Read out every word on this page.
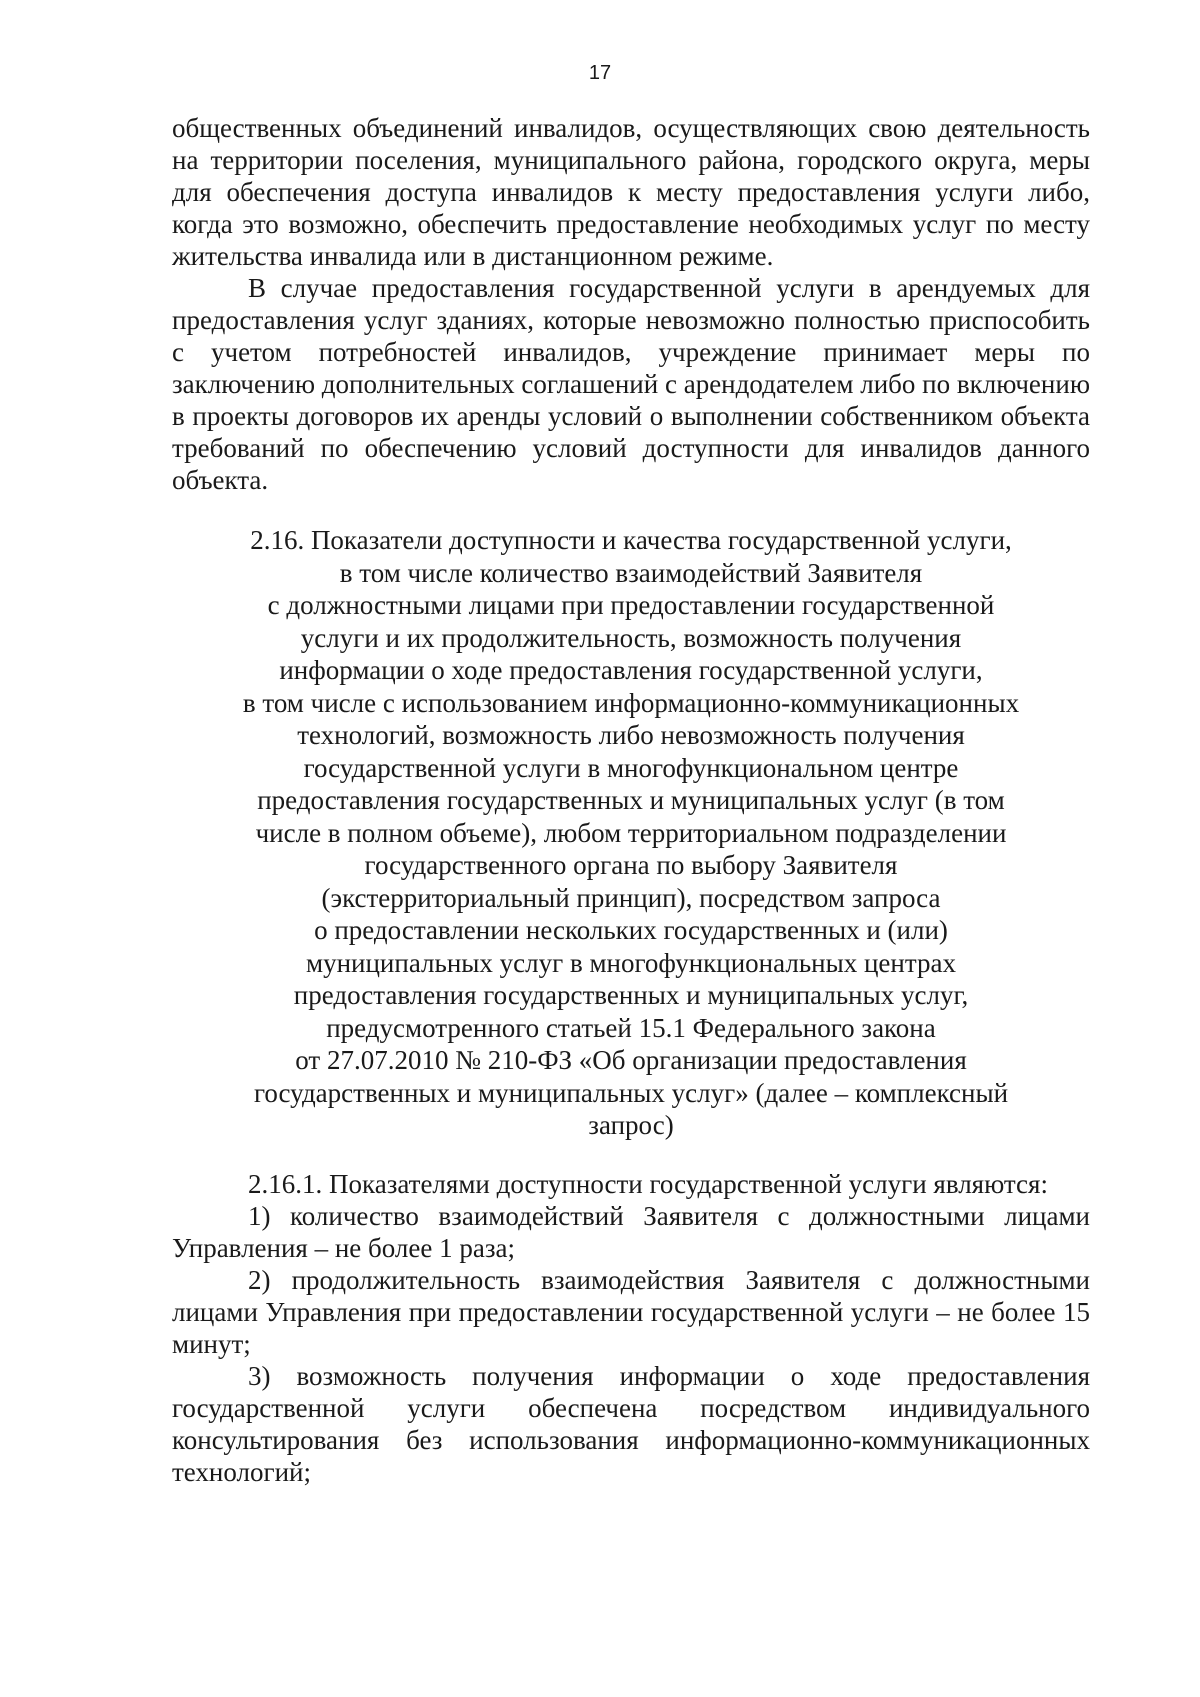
17

общественных объединений инвалидов, осуществляющих свою деятельность на территории поселения, муниципального района, городского округа, меры для обеспечения доступа инвалидов к месту предоставления услуги либо, когда это возможно, обеспечить предоставление необходимых услуг по месту жительства инвалида или в дистанционном режиме.

В случае предоставления государственной услуги в арендуемых для предоставления услуг зданиях, которые невозможно полностью приспособить с учетом потребностей инвалидов, учреждение принимает меры по заключению дополнительных соглашений с арендодателем либо по включению в проекты договоров их аренды условий о выполнении собственником объекта требований по обеспечению условий доступности для инвалидов данного объекта.

2.16. Показатели доступности и качества государственной услуги,
в том числе количество взаимодействий Заявителя
с должностными лицами при предоставлении государственной
услуги и их продолжительность, возможность получения
информации о ходе предоставления государственной услуги,
в том числе с использованием информационно-коммуникационных
технологий, возможность либо невозможность получения
государственной услуги в многофункциональном центре
предоставления государственных и муниципальных услуг (в том
числе в полном объеме), любом территориальном подразделении
государственного органа по выбору Заявителя
(экстерриториальный принцип), посредством запроса
о предоставлении нескольких государственных и (или)
муниципальных услуг в многофункциональных центрах
предоставления государственных и муниципальных услуг,
предусмотренного статьей 15.1 Федерального закона
от 27.07.2010 № 210-ФЗ «Об организации предоставления
государственных и муниципальных услуг» (далее – комплексный
запрос)

2.16.1. Показателями доступности государственной услуги являются:

1) количество взаимодействий Заявителя с должностными лицами Управления – не более 1 раза;

2) продолжительность взаимодействия Заявителя с должностными лицами Управления при предоставлении государственной услуги – не более 15 минут;

3) возможность получения информации о ходе предоставления государственной услуги обеспечена посредством индивидуального консультирования без использования информационно-коммуникационных технологий;
